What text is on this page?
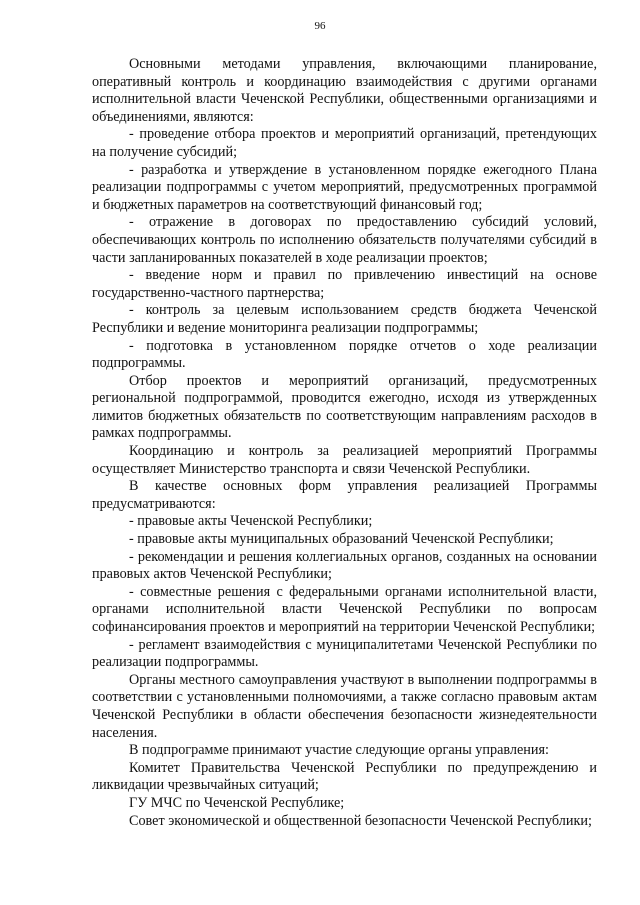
96

Основными методами управления, включающими планирование, оперативный контроль и координацию взаимодействия с другими органами исполнительной власти Чеченской Республики, общественными организациями и объединениями, являются:

- проведение отбора проектов и мероприятий организаций, претендующих на получение субсидий;

- разработка и утверждение в установленном порядке ежегодного Плана реализации подпрограммы с учетом мероприятий, предусмотренных программой и бюджетных параметров на соответствующий финансовый год;

- отражение в договорах по предоставлению субсидий условий, обеспечивающих контроль по исполнению обязательств получателями субсидий в части запланированных показателей в ходе реализации проектов;

- введение норм и правил по привлечению инвестиций на основе государственно-частного партнерства;

- контроль за целевым использованием средств бюджета Чеченской Республики и ведение мониторинга реализации подпрограммы;

- подготовка в установленном порядке отчетов о ходе реализации подпрограммы.

Отбор проектов и мероприятий организаций, предусмотренных региональной подпрограммой, проводится ежегодно, исходя из утвержденных лимитов бюджетных обязательств по соответствующим направлениям расходов в рамках подпрограммы.

Координацию и контроль за реализацией мероприятий Программы осуществляет Министерство транспорта и связи Чеченской Республики.

В качестве основных форм управления реализацией Программы предусматриваются:

- правовые акты Чеченской Республики;

- правовые акты муниципальных образований Чеченской Республики;

- рекомендации и решения коллегиальных органов, созданных на основании правовых актов Чеченской Республики;

- совместные решения с федеральными органами исполнительной власти, органами исполнительной власти Чеченской Республики по вопросам софинансирования проектов и мероприятий на территории Чеченской Республики;

- регламент взаимодействия с муниципалитетами Чеченской Республики по реализации подпрограммы.

Органы местного самоуправления участвуют в выполнении подпрограммы в соответствии с установленными полномочиями, а также согласно правовым актам Чеченской Республики в области обеспечения безопасности жизнедеятельности населения.

В подпрограмме принимают участие следующие органы управления:

Комитет Правительства Чеченской Республики по предупреждению и ликвидации чрезвычайных ситуаций;

ГУ МЧС по Чеченской Республике;

Совет экономической и общественной безопасности Чеченской Республики;
